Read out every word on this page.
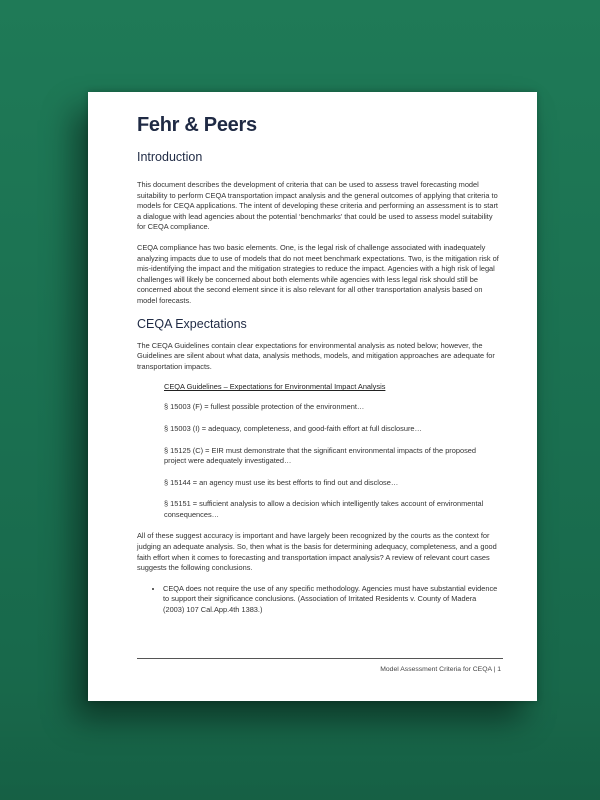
Fehr & Peers
Introduction

This document describes the development of criteria that can be used to assess travel forecasting model suitability to perform CEQA transportation impact analysis and the general outcomes of applying that criteria to models for CEQA applications. The intent of developing these criteria and performing an assessment is to start a dialogue with lead agencies about the potential ‘benchmarks’ that could be used to assess model suitability for CEQA compliance.

CEQA compliance has two basic elements. One, is the legal risk of challenge associated with inadequately analyzing impacts due to use of models that do not meet benchmark expectations. Two, is the mitigation risk of mis-identifying the impact and the mitigation strategies to reduce the impact. Agencies with a high risk of legal challenges will likely be concerned about both elements while agencies with less legal risk should still be concerned about the second element since it is also relevant for all other transportation analysis based on model forecasts.

CEQA Expectations

The CEQA Guidelines contain clear expectations for environmental analysis as noted below; however, the Guidelines are silent about what data, analysis methods, models, and mitigation approaches are adequate for transportation impacts.

CEQA Guidelines – Expectations for Environmental Impact Analysis
§ 15003 (F) = fullest possible protection of the environment…
§ 15003 (I) = adequacy, completeness, and good-faith effort at full disclosure…
§ 15125 (C) = EIR must demonstrate that the significant environmental impacts of the proposed project were adequately investigated…
§ 15144 = an agency must use its best efforts to find out and disclose…
§ 15151 = sufficient analysis to allow a decision which intelligently takes account of environmental consequences…

All of these suggest accuracy is important and have largely been recognized by the courts as the context for judging an adequate analysis. So, then what is the basis for determining adequacy, completeness, and a good faith effort when it comes to forecasting and transportation impact analysis? A review of relevant court cases suggests the following conclusions.

• CEQA does not require the use of any specific methodology. Agencies must have substantial evidence to support their significance conclusions. (Association of Irritated Residents v. County of Madera (2003) 107 Cal.App.4th 1383.)
Model Assessment Criteria for CEQA | 1
